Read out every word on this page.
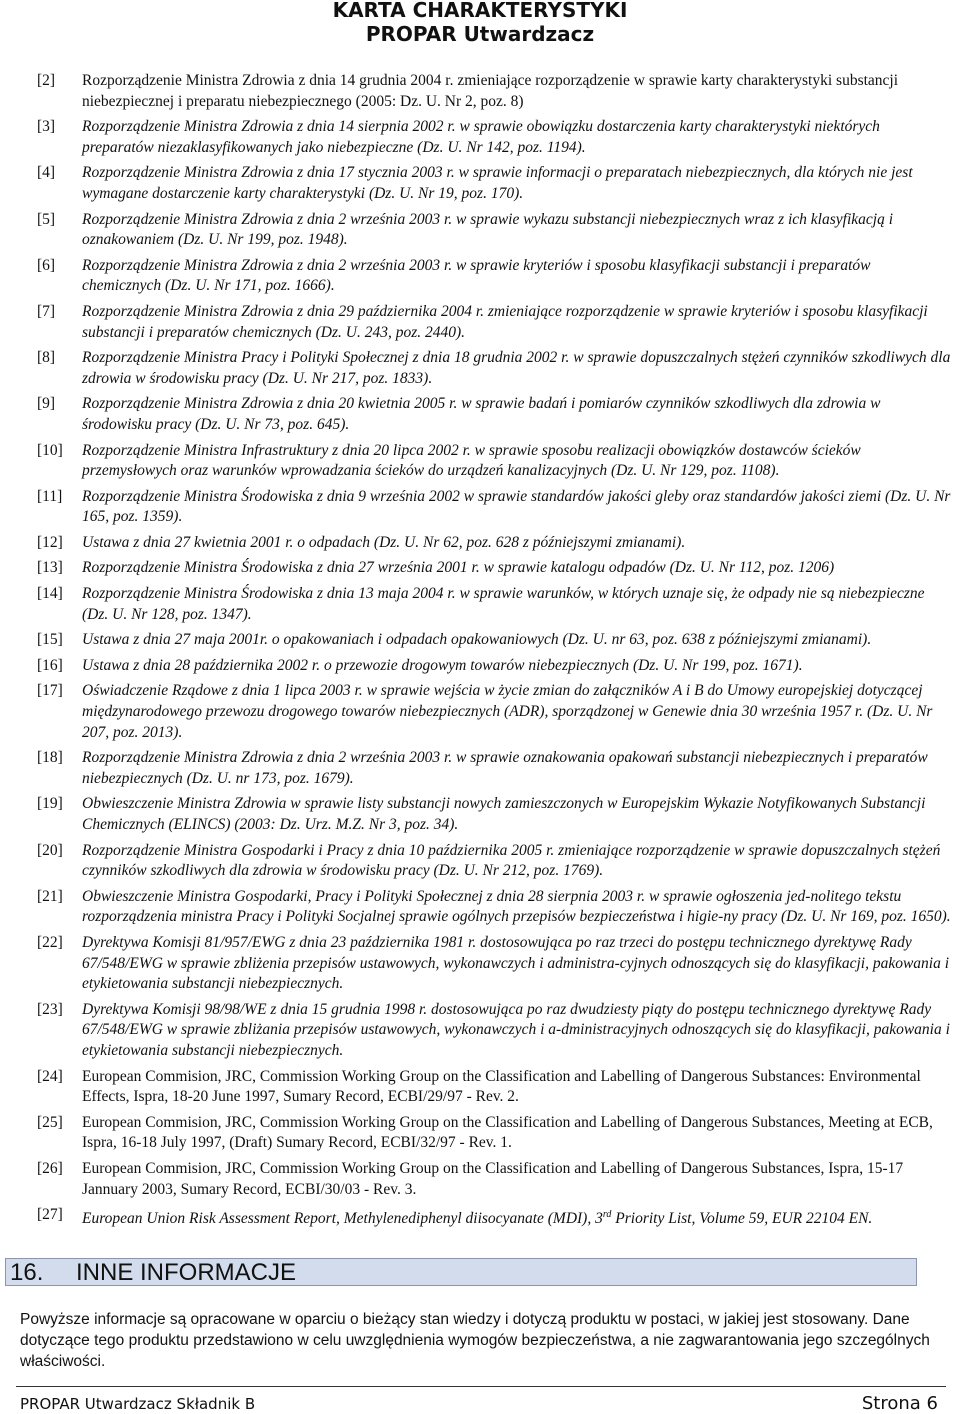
KARTA CHARAKTERYSTYKI
PROPAR Utwardzacz
[2]	Rozporządzenie Ministra Zdrowia z dnia 14 grudnia 2004 r. zmieniające rozporządzenie w sprawie karty charakterystyki substancji niebezpiecznej i preparatu niebezpiecznego (2005: Dz. U. Nr 2, poz. 8)
[3]	Rozporządzenie Ministra Zdrowia z dnia 14 sierpnia 2002 r. w sprawie obowiązku dostarczenia karty charakterystyki niektórych preparatów niezaklasyfikowanych jako niebezpieczne (Dz. U. Nr 142, poz. 1194).
[4]	Rozporządzenie Ministra Zdrowia z dnia 17 stycznia 2003 r. w sprawie informacji o preparatach niebezpiecznych, dla których nie jest wymagane dostarczenie karty charakterystyki (Dz. U. Nr 19, poz. 170).
[5]	Rozporządzenie Ministra Zdrowia z dnia 2 września 2003 r. w sprawie wykazu substancji niebezpiecznych wraz z ich klasyfikacją i oznakowaniem (Dz. U. Nr 199, poz. 1948).
[6]	Rozporządzenie Ministra Zdrowia z dnia 2 września 2003 r. w sprawie kryteriów i sposobu klasyfikacji substancji i preparatów chemicznych (Dz. U. Nr 171, poz. 1666).
[7]	Rozporządzenie Ministra Zdrowia z dnia 29 października 2004 r. zmieniające rozporządzenie w sprawie kryteriów i sposobu klasyfikacji substancji i preparatów chemicznych (Dz. U. 243, poz. 2440).
[8]	Rozporządzenie Ministra Pracy i Polityki Społecznej z dnia 18 grudnia 2002 r. w sprawie dopuszczalnych stężeń czynników szkodliwych dla zdrowia w środowisku pracy (Dz. U. Nr 217, poz. 1833).
[9]	Rozporządzenie Ministra Zdrowia z dnia 20 kwietnia 2005 r. w sprawie badań i pomiarów czynników szkodliwych dla zdrowia w środowisku pracy (Dz. U. Nr 73, poz. 645).
[10]	Rozporządzenie Ministra Infrastruktury z dnia 20 lipca 2002 r. w sprawie sposobu realizacji obowiązków dostawców ścieków przemysłowych oraz warunków wprowadzania ścieków do urządzeń kanalizacyjnych (Dz. U. Nr 129, poz. 1108).
[11]	Rozporządzenie Ministra Środowiska z dnia 9 września 2002 w sprawie standardów jakości gleby oraz standardów jakości ziemi (Dz. U. Nr 165, poz. 1359).
[12]	Ustawa z dnia 27 kwietnia 2001 r. o odpadach (Dz. U. Nr 62, poz. 628 z późniejszymi zmianami).
[13]	Rozporządzenie Ministra Środowiska z dnia 27 września 2001 r. w sprawie katalogu odpadów (Dz. U. Nr 112, poz. 1206)
[14]	Rozporządzenie Ministra Środowiska z dnia 13 maja 2004 r. w sprawie warunków, w których uznaje się, że odpady nie są niebezpieczne (Dz. U. Nr 128, poz. 1347).
[15]	Ustawa z dnia 27 maja 2001r. o opakowaniach i odpadach opakowaniowych (Dz. U. nr 63, poz. 638 z późniejszymi zmianami).
[16]	Ustawa z dnia 28 października 2002 r. o przewozie drogowym towarów niebezpiecznych (Dz. U. Nr 199, poz. 1671).
[17]	Oświadczenie Rządowe z dnia 1 lipca 2003 r. w sprawie wejścia w życie zmian do załączników A i B do Umowy europejskiej dotyczącej międzynarodowego przewozu drogowego towarów niebezpiecznych (ADR), sporządzonej w Genewie dnia 30 września 1957 r. (Dz. U. Nr 207, poz. 2013).
[18]	Rozporządzenie Ministra Zdrowia z dnia 2 września 2003 r. w sprawie oznakowania opakowań substancji niebezpiecznych i preparatów niebezpiecznych (Dz. U. nr 173, poz. 1679).
[19]	Obwieszczenie Ministra Zdrowia w sprawie listy substancji nowych zamieszczonych w Europejskim Wykazie Notyfikowanych Substancji Chemicznych (ELINCS) (2003: Dz. Urz. M.Z. Nr 3, poz. 34).
[20]	Rozporządzenie Ministra Gospodarki i Pracy z dnia 10 października 2005 r. zmieniające rozporządzenie w sprawie dopuszczalnych stężeń czynników szkodliwych dla zdrowia w środowisku pracy (Dz. U. Nr 212, poz. 1769).
[21]	Obwieszczenie Ministra Gospodarki, Pracy i Polityki Społecznej z dnia 28 sierpnia 2003 r. w sprawie ogłoszenia jed-nolitego tekstu rozporządzenia ministra Pracy i Polityki Socjalnej sprawie ogólnych przepisów bezpieczeństwa i higie-ny pracy (Dz. U. Nr 169, poz. 1650).
[22]	Dyrektywa Komisji 81/957/EWG z dnia 23 października 1981 r. dostosowująca po raz trzeci do postępu technicznego dyrektywę Rady 67/548/EWG w sprawie zbliżenia przepisów ustawowych, wykonawczych i administra-cyjnych odnoszących się do klasyfikacji, pakowania i etykietowania substancji niebezpiecznych.
[23]	Dyrektywa Komisji 98/98/WE z dnia 15 grudnia 1998 r. dostosowująca po raz dwudziesty piąty do postępu technicznego dyrektywę Rady 67/548/EWG w sprawie zbliżania przepisów ustawowych, wykonawczych i a-dministracyjnych odnoszących się do klasyfikacji, pakowania i etykietowania substancji niebezpiecznych.
[24]	European Commision, JRC, Commission Working Group on the Classification and Labelling of Dangerous Substances: Environmental Effects, Ispra, 18-20 June 1997, Sumary Record, ECBI/29/97 - Rev. 2.
[25]	European Commision, JRC, Commission Working Group on the Classification and Labelling of Dangerous Substances, Meeting at ECB, Ispra, 16-18 July 1997, (Draft) Sumary Record, ECBI/32/97 - Rev. 1.
[26]	European Commision, JRC, Commission Working Group on the Classification and Labelling of Dangerous Substances, Ispra, 15-17 Jannuary 2003, Sumary Record, ECBI/30/03 - Rev. 3.
[27]	European Union Risk Assessment Report, Methylenediphenyl diisocyanate (MDI), 3rd Priority List, Volume 59, EUR 22104 EN.
16. INNE INFORMACJE
Powyższe informacje są opracowane w oparciu o bieżący stan wiedzy i dotyczą produktu w postaci, w jakiej jest stosowany. Dane dotyczące tego produktu przedstawiono w celu uwzględnienia wymogów bezpieczeństwa, a nie zagwarantowania jego szczególnych właściwości.
PROPAR Utwardzacz Składnik B	Strona 6
